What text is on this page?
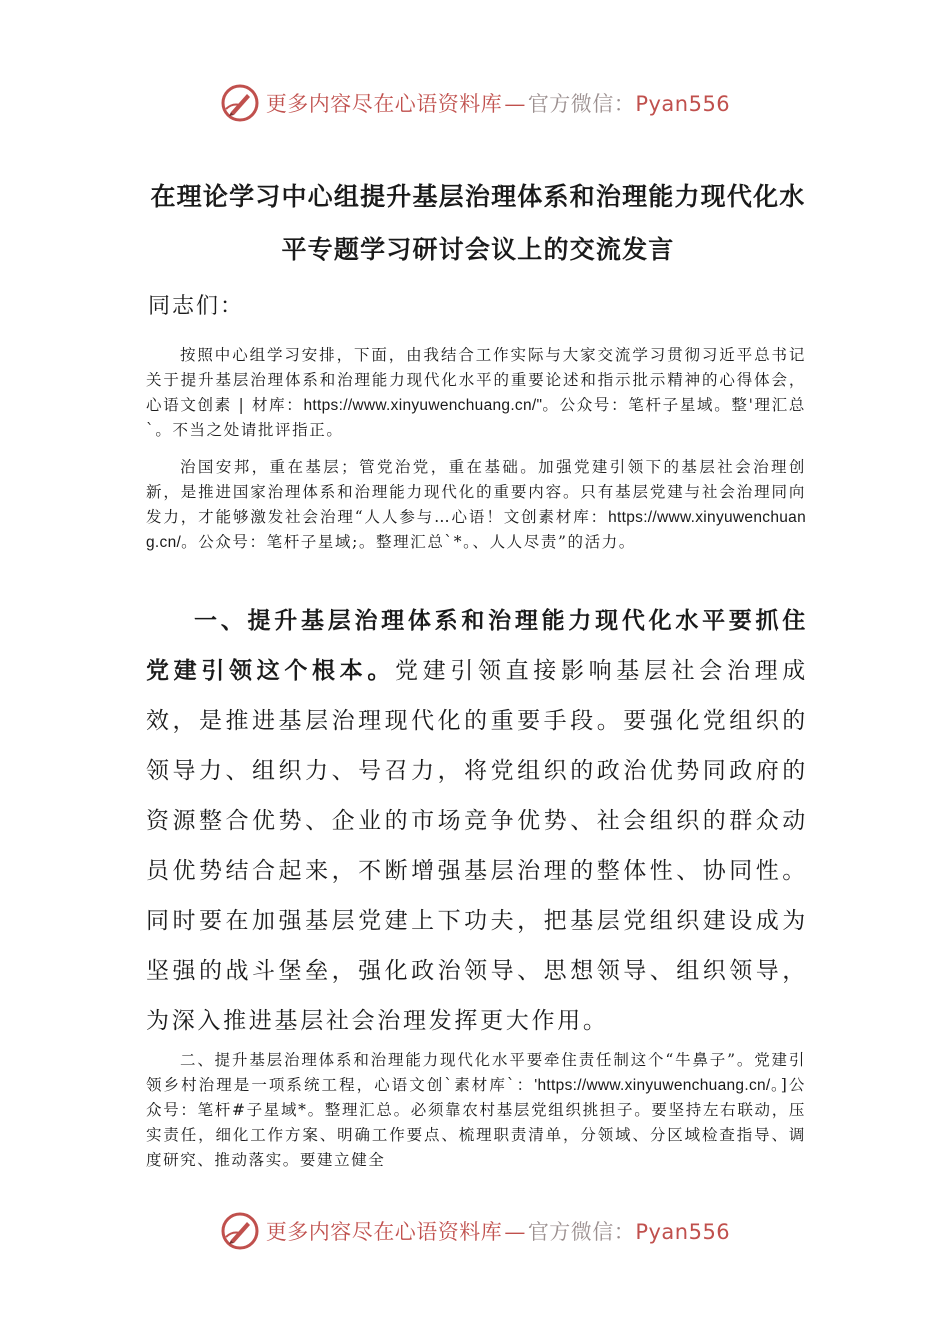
更多内容尽在心语资料库—官方微信：Pyan556
在理论学习中心组提升基层治理体系和治理能力现代化水
平专题学习研讨会议上的交流发言
同志们：

按照中心组学习安排，下面，由我结合工作实际与大家交流学习贯彻习近平总书记关于提升基层治理体系和治理能力现代化水平的重要论述和指示批示精神的心得体会，心语文创素 | 材库：https://www.xinyuwenchuang.cn/"。公众号：笔杆子星域。整'理汇总`。不当之处请批评指正。

治国安邦，重在基层；管党治党，重在基础。加强党建引领下的基层社会治理创新，是推进国家治理体系和治理能力现代化的重要内容。只有基层党建与社会治理同向发力，才能够激发社会治理“人人参与…心语！文创素材库：https://www.xinyuwenchuang.cn/。公众号：笔杆子星域;。整理汇总`*。、人人尽责”的活力。

一、提升基层治理体系和治理能力现代化水平要抓住党建引领这个根本。党建引领直接影响基层社会治理成效，是推进基层治理现代化的重要手段。要强化党组织的领导力、组织力、号召力，将党组织的政治优势同政府的资源整合优势、企业的市场竞争优势、社会组织的群众动员优势结合起来，不断增强基层治理的整体性、协同性。同时要在加强基层党建上下功夫，把基层党组织建设成为坚强的战斗堡垒，强化政治领导、思想领导、组织领导，为深入推进基层社会治理发挥更大作用。

二、提升基层治理体系和治理能力现代化水平要牵住责任制这个“牛鼻子”。党建引领乡村治理是一项系统工程，心语文创`素材库`：'https://www.xinyuwenchuang.cn/。]公众号：笔杆#子星域*。整理汇总。必须靠农村基层党组织挑担子。要坚持左右联动，压实责任，细化工作方案、明确工作要点、梳理职责清单，分领域、分区域检查指导、调度研究、推动落实。要建立健全

更多内容尽在心语资料库—官方微信：Pyan556
